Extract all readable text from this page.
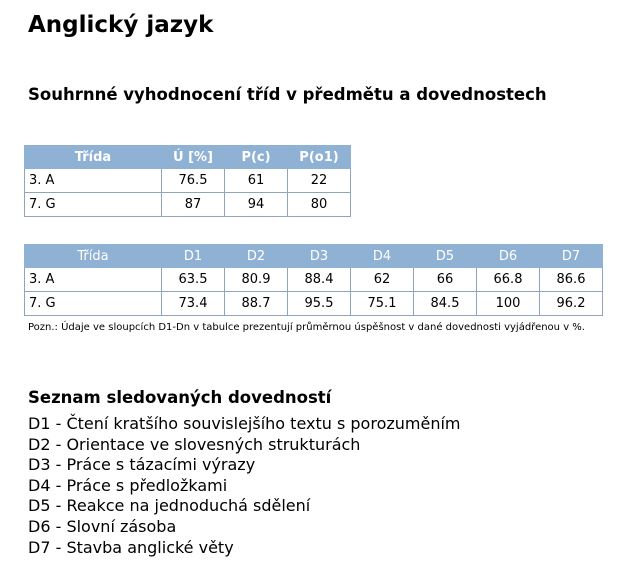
Anglický jazyk
Souhrnné vyhodnocení tříd v předmětu a dovednostech
Třída	Ú [%]	P(c)	P(o1)
3. A	76.5	61	22
7. G	87	94	80
Třída	D1	D2	D3	D4	D5	D6	D7
3. A	63.5	80.9	88.4	62	66	66.8	86.6
7. G	73.4	88.7	95.5	75.1	84.5	100	96.2
Pozn.: Údaje ve sloupcích D1-Dn v tabulce prezentují průměrnou úspěšnost v dané dovednosti vyjádřenou v %.
Seznam sledovaných dovedností
D1 - Čtení kratšího souvislejšího textu s porozuměním
D2 - Orientace ve slovesných strukturách
D3 - Práce s tázacími výrazy
D4 - Práce s předložkami
D5 - Reakce na jednoduchá sdělení
D6 - Slovní zásoba
D7 - Stavba anglické věty
